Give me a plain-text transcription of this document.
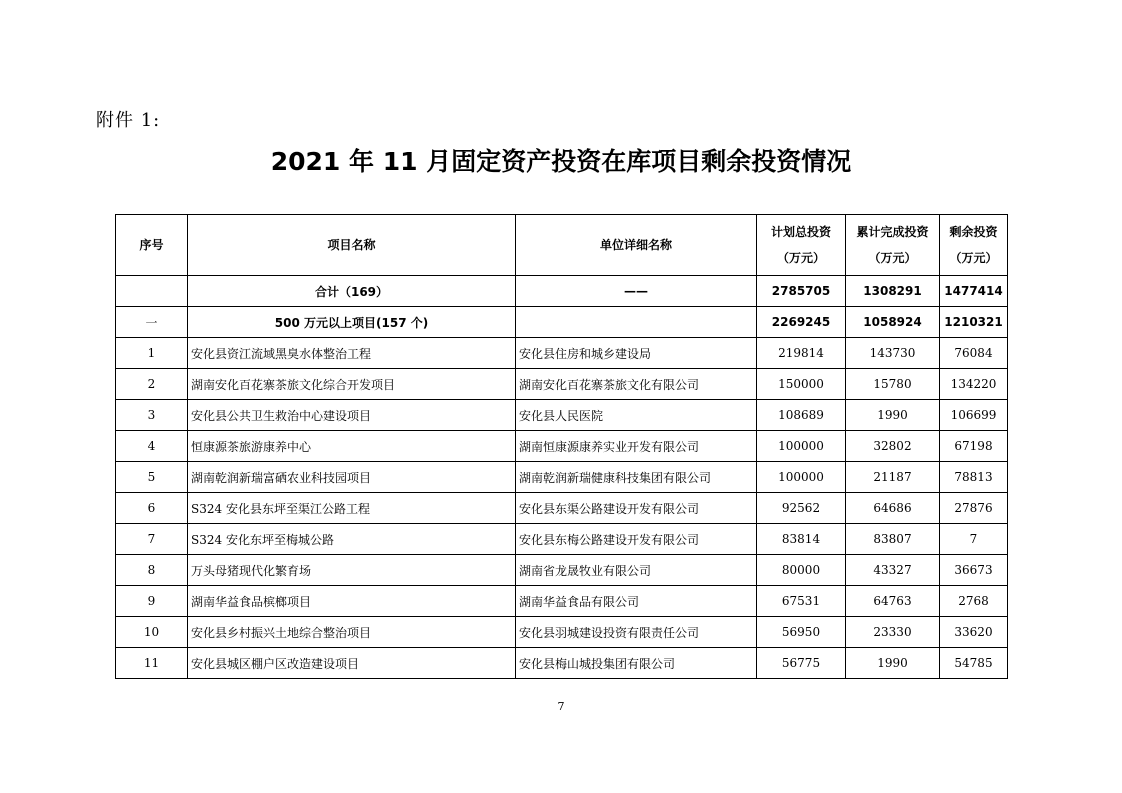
附件 1:
2021 年 11 月固定资产投资在库项目剩余投资情况
序号	项目名称	单位详细名称	计划总投资（万元）	累计完成投资（万元）	剩余投资（万元）
	合计（169）	——	2785705	1308291	1477414
一	500 万元以上项目(157 个)		2269245	1058924	1210321
1	安化县资江流域黑臭水体整治工程	安化县住房和城乡建设局	219814	143730	76084
2	湖南安化百花寨茶旅文化综合开发项目	湖南安化百花寨茶旅文化有限公司	150000	15780	134220
3	安化县公共卫生救治中心建设项目	安化县人民医院	108689	1990	106699
4	恒康源茶旅游康养中心	湖南恒康源康养实业开发有限公司	100000	32802	67198
5	湖南乾润新瑞富硒农业科技园项目	湖南乾润新瑞健康科技集团有限公司	100000	21187	78813
6	S324 安化县东坪至渠江公路工程	安化县东渠公路建设开发有限公司	92562	64686	27876
7	S324 安化东坪至梅城公路	安化县东梅公路建设开发有限公司	83814	83807	7
8	万头母猪现代化繁育场	湖南省龙晟牧业有限公司	80000	43327	36673
9	湖南华益食品槟榔项目	湖南华益食品有限公司	67531	64763	2768
10	安化县乡村振兴土地综合整治项目	安化县羽城建设投资有限责任公司	56950	23330	33620
11	安化县城区棚户区改造建设项目	安化县梅山城投集团有限公司	56775	1990	54785
7
